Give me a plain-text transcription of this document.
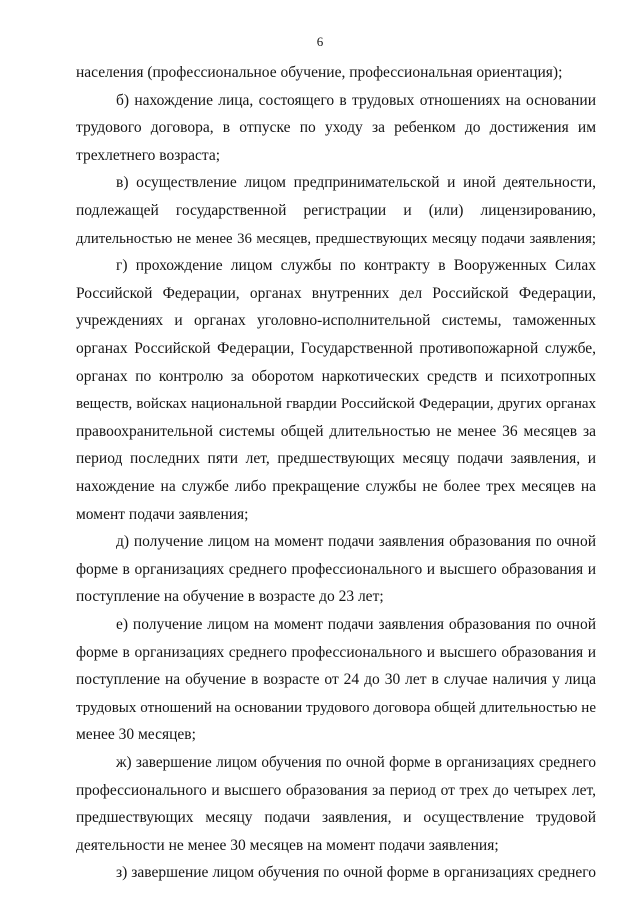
6
населения (профессиональное обучение, профессиональная ориентация);
б) нахождение лица, состоящего в трудовых отношениях на основании
трудового договора, в отпуске по уходу за ребенком до достижения им
трехлетнего возраста;
в) осуществление лицом предпринимательской и иной деятельности,
подлежащей государственной регистрации и (или) лицензированию,
длительностью не менее 36 месяцев, предшествующих месяцу подачи заявления;
г) прохождение лицом службы по контракту в Вооруженных Силах
Российской Федерации, органах внутренних дел Российской Федерации,
учреждениях и органах уголовно-исполнительной системы, таможенных
органах Российской Федерации, Государственной противопожарной службе,
органах по контролю за оборотом наркотических средств и психотропных
веществ, войсках национальной гвардии Российской Федерации, других органах
правоохранительной системы общей длительностью не менее 36 месяцев за
период последних пяти лет, предшествующих месяцу подачи заявления, и
нахождение на службе либо прекращение службы не более трех месяцев на
момент подачи заявления;
д) получение лицом на момент подачи заявления образования по очной
форме в организациях среднего профессионального и высшего образования и
поступление на обучение в возрасте до 23 лет;
е) получение лицом на момент подачи заявления образования по очной
форме в организациях среднего профессионального и высшего образования и
поступление на обучение в возрасте от 24 до 30 лет в случае наличия у лица
трудовых отношений на основании трудового договора общей длительностью не
менее 30 месяцев;
ж) завершение лицом обучения по очной форме в организациях среднего
профессионального и высшего образования за период от трех до четырех лет,
предшествующих месяцу подачи заявления, и осуществление трудовой
деятельности не менее 30 месяцев на момент подачи заявления;
з) завершение лицом обучения по очной форме в организациях среднего
